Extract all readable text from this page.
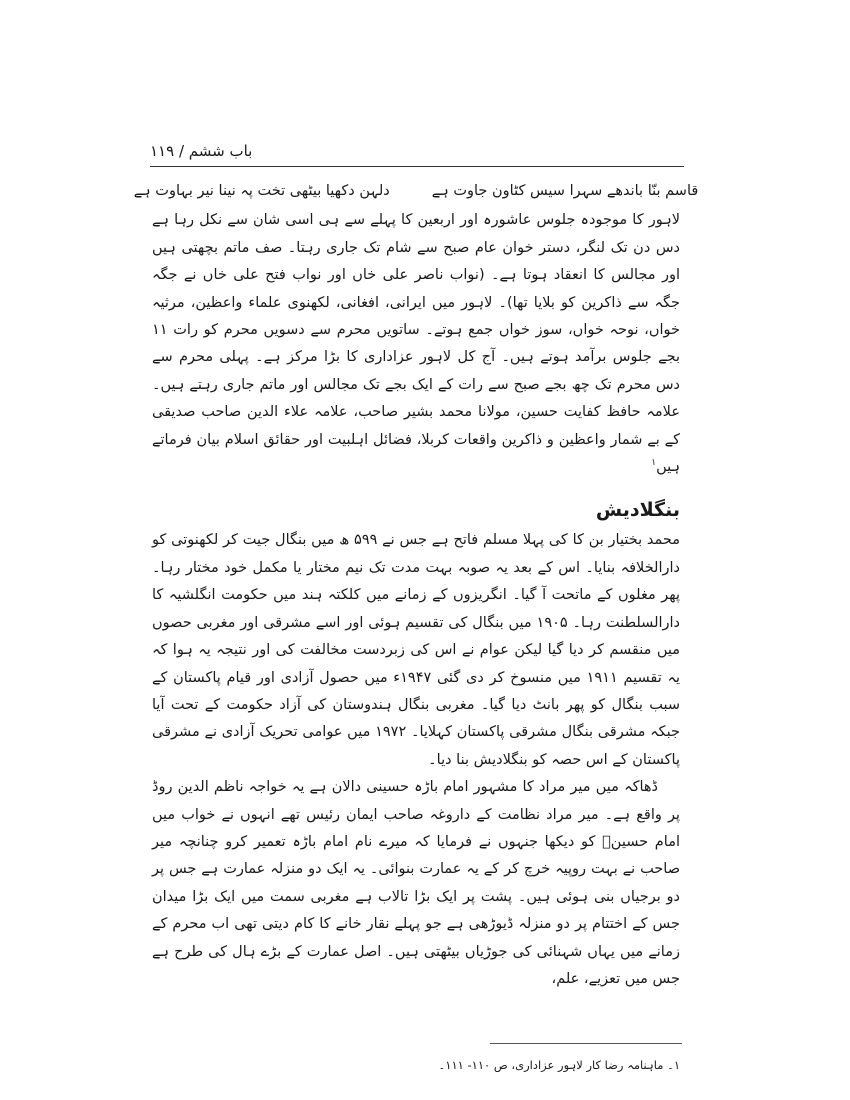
باب ششم / ۱۱۹
قاسم بنّا باندھے سہرا سیس کٹاون جاوت ہے
دلہن دکھیا بیٹھی تخت پہ نینا نیر بہاوت ہے

لاہور کا موجودہ جلوس عاشورہ اور اربعین کا پہلے سے ہی اسی شان سے نکل رہا ہے دس دن تک لنگر، دستر خوان عام صبح سے شام تک جاری رہتا۔ صف ماتم بچھتی ہیں اور مجالس کا انعقاد ہوتا ہے۔ (نواب ناصر علی خاں اور نواب فتح علی خاں نے جگہ جگہ سے ذاکرین کو بلایا تھا)۔ لاہور میں ایرانی، افغانی، لکھنوی علماء واعظین، مرثیہ خواں، نوحہ خواں، سوز خواں جمع ہوتے۔ ساتویں محرم سے دسویں محرم کو رات ۱۱ بجے جلوس برآمد ہوتے ہیں۔ آج کل لاہور عزاداری کا بڑا مرکز ہے۔ پہلی محرم سے دس محرم تک چھ بجے صبح سے رات کے ایک بجے تک مجالس اور ماتم جاری رہتے ہیں۔ علامہ حافظ کفایت حسین، مولانا محمد بشیر صاحب، علامہ علاء الدین صاحب صدیقی کے بے شمار واعظین و ذاکرین واقعات کربلا، فضائل اہلبیت اور حقائق اسلام بیان فرماتے ہیں$^۱$

بنگلادیش

محمد بختیار بن کا کی پہلا مسلم فاتح ہے جس نے ۵۹۹ ھ میں بنگال جیت کر لکھنوتی کو دارالخلافہ بنایا۔ اس کے بعد یہ صوبہ بہت مدت تک نیم مختار یا مکمل خود مختار رہا۔ پھر مغلوں کے ماتحت آ گیا۔ انگریزوں کے زمانے میں کلکتہ ہند میں حکومت انگلشیہ کا دارالسلطنت رہا۔ ۱۹۰۵ میں بنگال کی تقسیم ہوئی اور اسے مشرقی اور مغربی حصوں میں منقسم کر دیا گیا لیکن عوام نے اس کی زبردست مخالفت کی اور نتیجہ یہ ہوا کہ یہ تقسیم ۱۹۱۱ میں منسوخ کر دی گئی ۱۹۴۷ء میں حصول آزادی اور قیام پاکستان کے سبب بنگال کو پھر بانٹ دیا گیا۔ مغربی بنگال ہندوستان کی آزاد حکومت کے تحت آیا جبکہ مشرقی بنگال مشرقی پاکستان کہلایا۔ ۱۹۷۲ میں عوامی تحریک آزادی نے مشرقی پاکستان کے اس حصہ کو بنگلادیش بنا دیا۔

ڈھاکہ میں میر مراد کا مشہور امام باڑہ حسینی دالان ہے یہ خواجہ ناظم الدین روڈ پر واقع ہے۔ میر مراد نظامت کے داروغہ صاحب ایمان رئیس تھے انہوں نے خواب میں امام حسینؑ کو دیکھا جنہوں نے فرمایا کہ میرے نام امام باڑہ تعمیر کرو چنانچہ میر صاحب نے بہت روپیہ خرچ کر کے یہ عمارت بنوائی۔ یہ ایک دو منزلہ عمارت ہے جس پر دو برجیاں بنی ہوئی ہیں۔ پشت پر ایک بڑا تالاب ہے مغربی سمت میں ایک بڑا میدان جس کے اختتام پر دو منزلہ ڈیوڑھی ہے جو پہلے نقار خانے کا کام دیتی تھی اب محرم کے زمانے میں یہاں شہنائی کی جوڑیاں بیٹھتی ہیں۔ اصل عمارت کے بڑے ہال کی طرح ہے جس میں تعزیے، علم،

۱۔ ماہنامہ رضا کار لاہور عزاداری، ص ۱۱۰- ۱۱۱۔
